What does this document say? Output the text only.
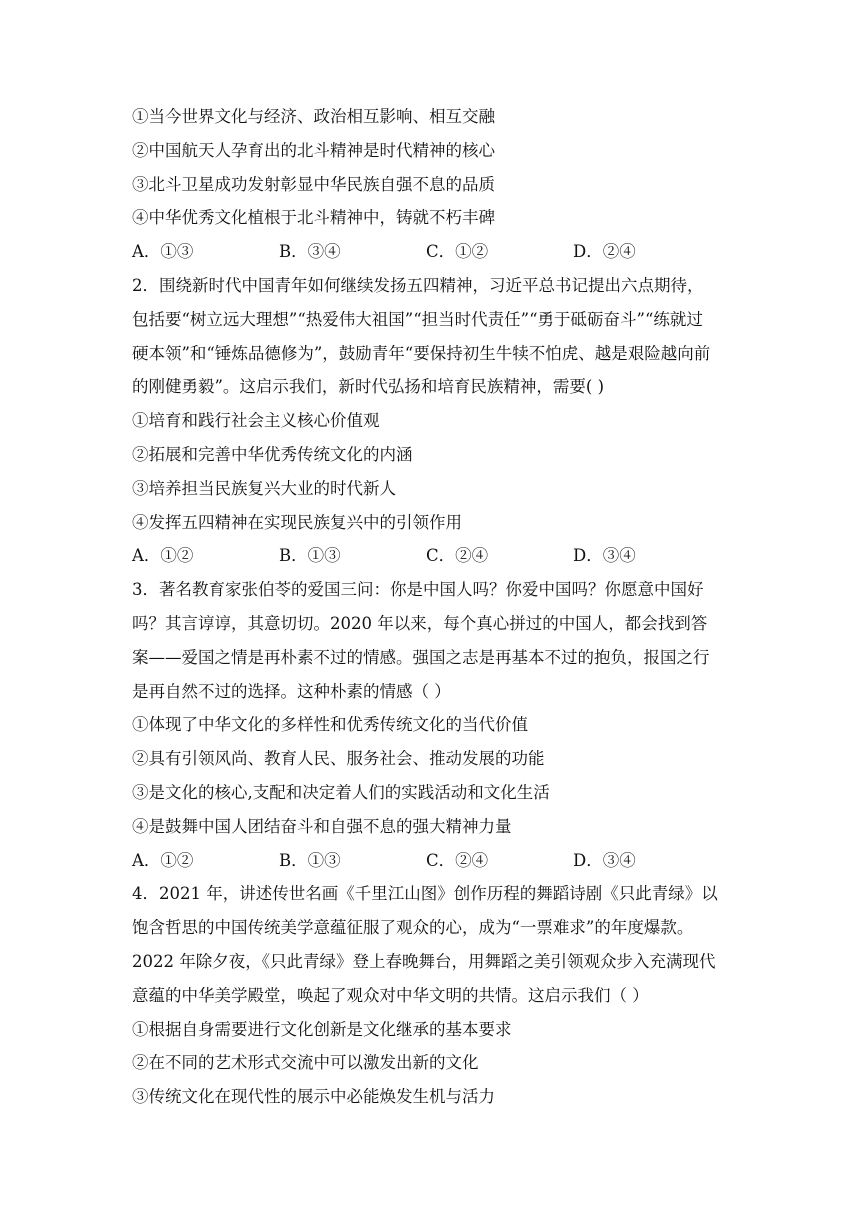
①当今世界文化与经济、政治相互影响、相互交融
②中国航天人孕育出的北斗精神是时代精神的核心
③北斗卫星成功发射彰显中华民族自强不息的品质
④中华优秀文化植根于北斗精神中，铸就不朽丰碑
A．①③	B．③④	C．①②	D．②④
2．围绕新时代中国青年如何继续发扬五四精神，习近平总书记提出六点期待，
包括要“树立远大理想”“热爱伟大祖国”“担当时代责任”“勇于砥砺奋斗”“练就过
硬本领”和“锤炼品德修为”，鼓励青年“要保持初生牛犊不怕虎、越是艰险越向前
的刚健勇毅”。这启示我们，新时代弘扬和培育民族精神，需要( )
①培育和践行社会主义核心价值观
②拓展和完善中华优秀传统文化的内涵
③培养担当民族复兴大业的时代新人
④发挥五四精神在实现民族复兴中的引领作用
A．①②	B．①③	C．②④	D．③④
3．著名教育家张伯苓的爱国三问：你是中国人吗？你爱中国吗？你愿意中国好
吗？其言谆谆，其意切切。2020 年以来，每个真心拼过的中国人，都会找到答
案——爱国之情是再朴素不过的情感。强国之志是再基本不过的抱负，报国之行
是再自然不过的选择。这种朴素的情感（ ）
①体现了中华文化的多样性和优秀传统文化的当代价值
②具有引领风尚、教育人民、服务社会、推动发展的功能
③是文化的核心,支配和决定着人们的实践活动和文化生活
④是鼓舞中国人团结奋斗和自强不息的强大精神力量
A．①②	B．①③	C．②④	D．③④
4．2021 年，讲述传世名画《千里江山图》创作历程的舞蹈诗剧《只此青绿》以
饱含哲思的中国传统美学意蕴征服了观众的心，成为“一票难求”的年度爆款。
2022 年除夕夜，《只此青绿》登上春晚舞台，用舞蹈之美引领观众步入充满现代
意蕴的中华美学殿堂，唤起了观众对中华文明的共情。这启示我们（ ）
①根据自身需要进行文化创新是文化继承的基本要求
②在不同的艺术形式交流中可以激发出新的文化
③传统文化在现代性的展示中必能焕发生机与活力
